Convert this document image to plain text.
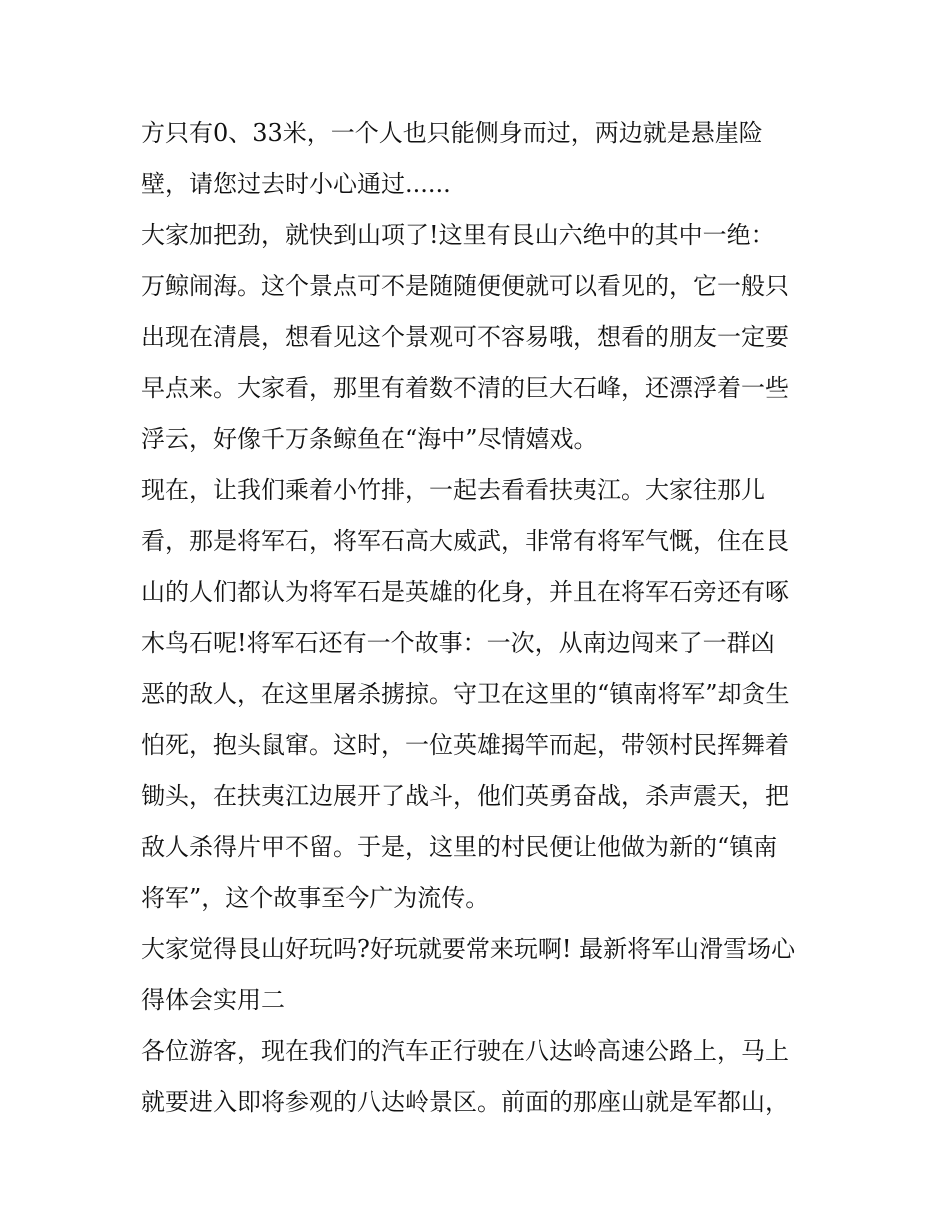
方只有0、33米，一个人也只能侧身而过，两边就是悬崖险

壁，请您过去时小心通过......

大家加把劲，就快到山项了!这里有艮山六绝中的其中一绝：

万鲸闹海。这个景点可不是随随便便就可以看见的，它一般只

出现在清晨，想看见这个景观可不容易哦，想看的朋友一定要

早点来。大家看，那里有着数不清的巨大石峰，还漂浮着一些

浮云，好像千万条鲸鱼在“海中”尽情嬉戏。

现在，让我们乘着小竹排，一起去看看扶夷江。大家往那儿

看，那是将军石，将军石高大威武，非常有将军气慨，住在艮

山的人们都认为将军石是英雄的化身，并且在将军石旁还有啄

木鸟石呢!将军石还有一个故事：一次，从南边闯来了一群凶

恶的敌人，在这里屠杀掳掠。守卫在这里的“镇南将军”却贪生

怕死，抱头鼠窜。这时，一位英雄揭竿而起，带领村民挥舞着

锄头，在扶夷江边展开了战斗，他们英勇奋战，杀声震天，把

敌人杀得片甲不留。于是，这里的村民便让他做为新的“镇南

将军”，这个故事至今广为流传。

大家觉得艮山好玩吗?好玩就要常来玩啊! 最新将军山滑雪场心

得体会实用二

各位游客，现在我们的汽车正行驶在八达岭高速公路上，马上

就要进入即将参观的八达岭景区。前面的那座山就是军都山，
